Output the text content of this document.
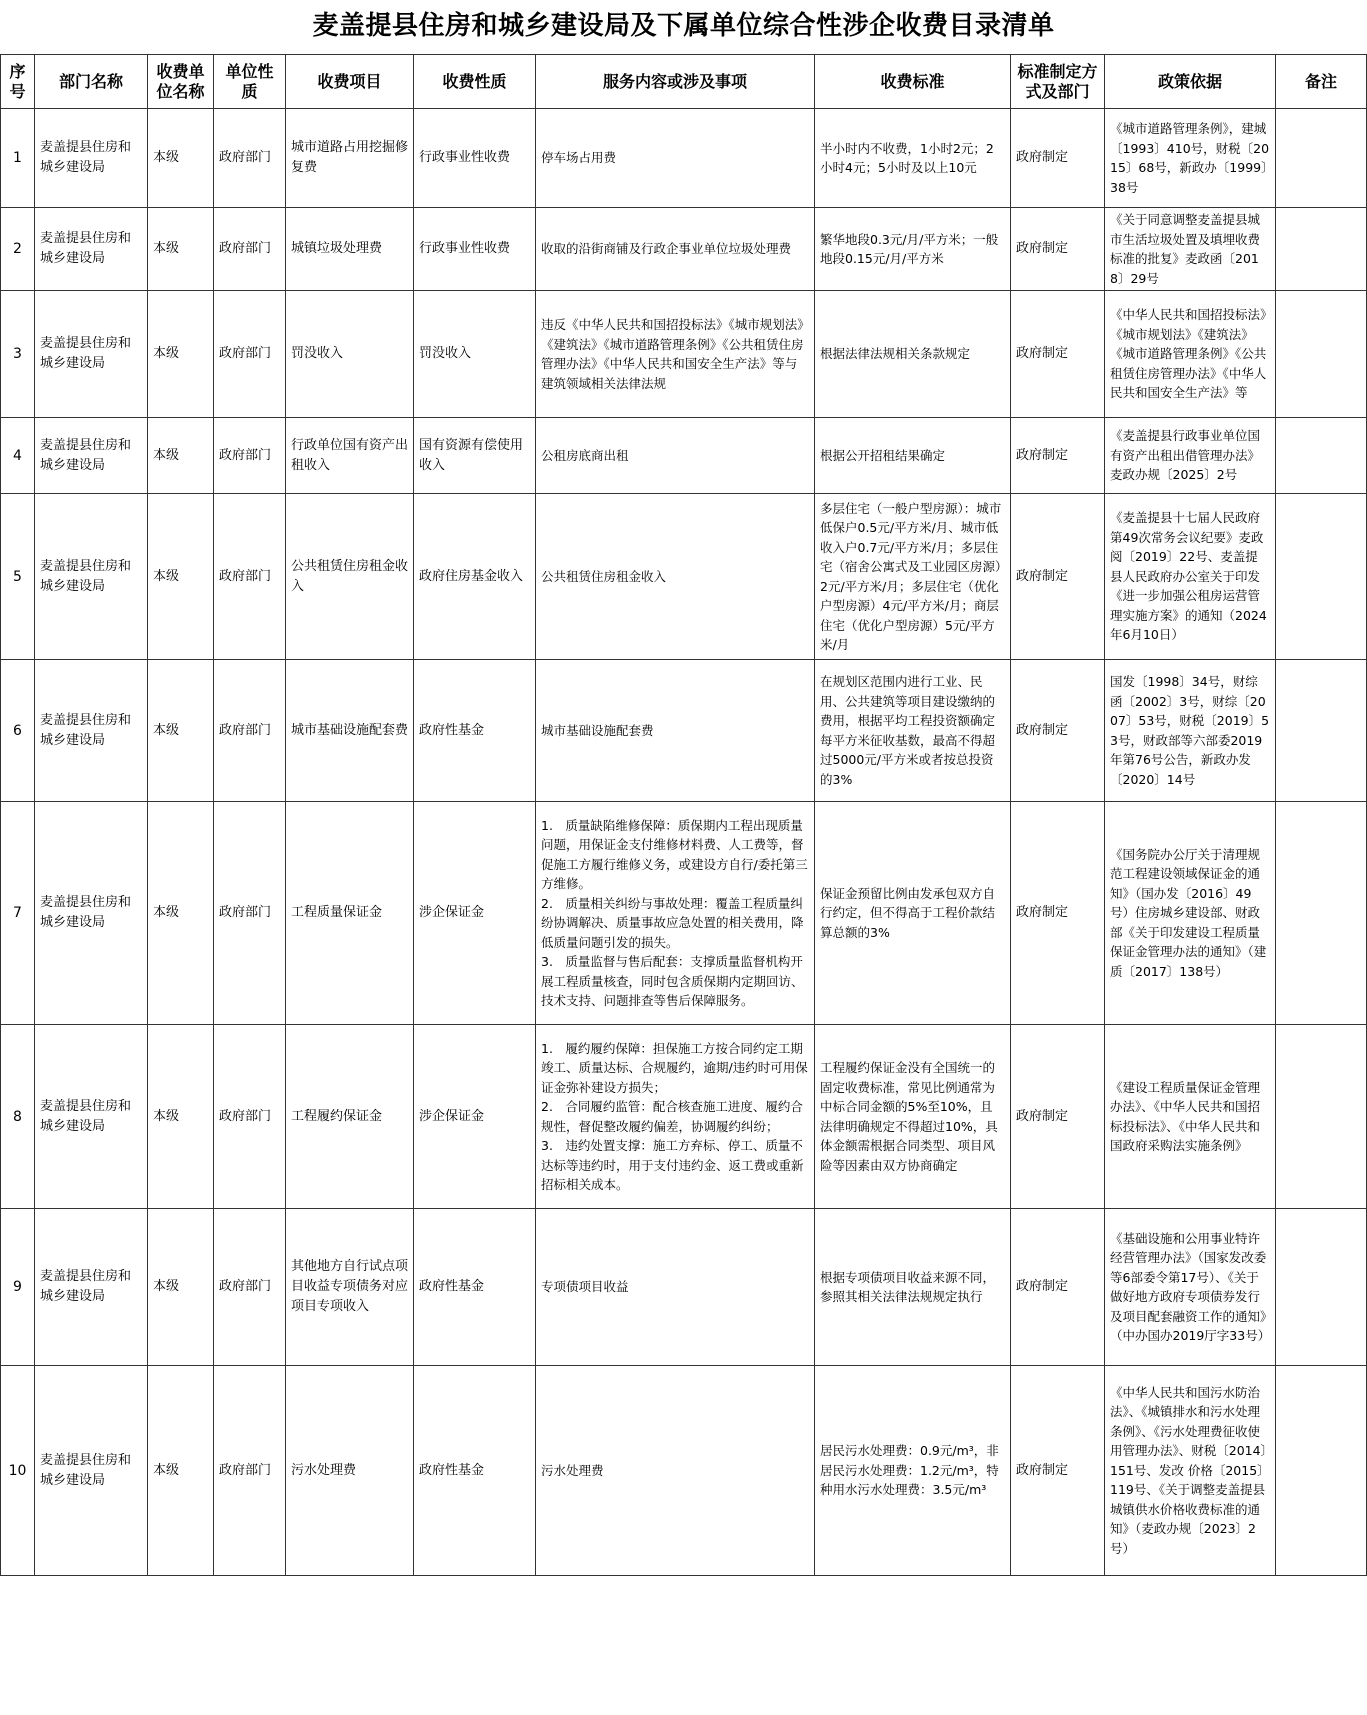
麦盖提县住房和城乡建设局及下属单位综合性涉企收费目录清单
序号	部门名称	收费单位名称	单位性质	收费项目	收费性质	服务内容或涉及事项	收费标准	标准制定方式及部门	政策依据	备注
1	麦盖提县住房和城乡建设局	本级	政府部门	城市道路占用挖掘修复费	行政事业性收费	停车场占用费	半小时内不收费，1小时2元；2小时4元；5小时及以上10元	政府制定	《城市道路管理条例》，建城〔1993〕410号，财税〔2015〕68号，新政办〔1999〕38号	
2	麦盖提县住房和城乡建设局	本级	政府部门	城镇垃圾处理费	行政事业性收费	收取的沿街商铺及行政企事业单位垃圾处理费	繁华地段0.3元/月/平方米；一般地段0.15元/月/平方米	政府制定	《关于同意调整麦盖提县城市生活垃圾处置及填埋收费标准的批复》麦政函〔2018〕29号	
3	麦盖提县住房和城乡建设局	本级	政府部门	罚没收入	罚没收入	违反《中华人民共和国招投标法》《城市规划法》《建筑法》《城市道路管理条例》《公共租赁住房管理办法》《中华人民共和国安全生产法》等与建筑领域相关法律法规	根据法律法规相关条款规定	政府制定	《中华人民共和国招投标法》《城市规划法》《建筑法》《城市道路管理条例》《公共租赁住房管理办法》《中华人民共和国安全生产法》等	
4	麦盖提县住房和城乡建设局	本级	政府部门	行政单位国有资产出租收入	国有资源有偿使用收入	公租房底商出租	根据公开招租结果确定	政府制定	《麦盖提县行政事业单位国有资产出租出借管理办法》麦政办规〔2025〕2号	
5	麦盖提县住房和城乡建设局	本级	政府部门	公共租赁住房租金收入	政府住房基金收入	公共租赁住房租金收入	多层住宅（一般户型房源）：城市低保户0.5元/平方米/月、城市低收入户0.7元/平方米/月；多层住宅（宿舍公寓式及工业园区房源）2元/平方米/月；多层住宅（优化户型房源）4元/平方米/月；商层住宅（优化户型房源）5元/平方米/月	政府制定	《麦盖提县十七届人民政府第49次常务会议纪要》麦政阅〔2019〕22号、麦盖提县人民政府办公室关于印发《进一步加强公租房运营管理实施方案》的通知（2024年6月10日）	
6	麦盖提县住房和城乡建设局	本级	政府部门	城市基础设施配套费	政府性基金	城市基础设施配套费	在规划区范围内进行工业、民用、公共建筑等项目建设缴纳的费用，根据平均工程投资额确定每平方米征收基数，最高不得超过5000元/平方米或者按总投资的3%	政府制定	国发〔1998〕34号，财综函〔2002〕3号，财综〔2007〕53号，财税〔2019〕53号，财政部等六部委2019年第76号公告，新政办发〔2020〕14号	
7	麦盖提县住房和城乡建设局	本级	政府部门	工程质量保证金	涉企保证金	1.　质量缺陷维修保障：质保期内工程出现质量问题，用保证金支付维修材料费、人工费等，督促施工方履行维修义务，或建设方自行/委托第三方维修。
2.　质量相关纠纷与事故处理：覆盖工程质量纠纷协调解决、质量事故应急处置的相关费用，降低质量问题引发的损失。
3.　质量监督与售后配套：支撑质量监督机构开展工程质量核查，同时包含质保期内定期回访、技术支持、问题排查等售后保障服务。	保证金预留比例由发承包双方自行约定，但不得高于工程价款结算总额的3%	政府制定	《国务院办公厅关于清理规范工程建设领域保证金的通知》（国办发〔2016〕49号）住房城乡建设部、财政部《关于印发建设工程质量保证金管理办法的通知》（建质〔2017〕138号）	
8	麦盖提县住房和城乡建设局	本级	政府部门	工程履约保证金	涉企保证金	1.　履约履约保障：担保施工方按合同约定工期竣工、质量达标、合规履约，逾期/违约时可用保证金弥补建设方损失；
2.　合同履约监管：配合核查施工进度、履约合规性，督促整改履约偏差，协调履约纠纷；
3.　违约处置支撑：施工方弃标、停工、质量不达标等违约时，用于支付违约金、返工费或重新招标相关成本。	工程履约保证金没有全国统一的固定收费标准，常见比例通常为中标合同金额的5%至10%，且法律明确规定不得超过10%，具体金额需根据合同类型、项目风险等因素由双方协商确定	政府制定	《建设工程质量保证金管理办法》、《中华人民共和国招标投标法》、《中华人民共和国政府采购法实施条例》	
9	麦盖提县住房和城乡建设局	本级	政府部门	其他地方自行试点项目收益专项债务对应项目专项收入	政府性基金	专项债项目收益	根据专项债项目收益来源不同，参照其相关法律法规规定执行	政府制定	《基础设施和公用事业特许经营管理办法》（国家发改委等6部委令第17号）、《关于做好地方政府专项债券发行及项目配套融资工作的通知》（中办国办2019厅字33号）	
10	麦盖提县住房和城乡建设局	本级	政府部门	污水处理费	政府性基金	污水处理费	居民污水处理费：0.9元/m³，非居民污水处理费：1.2元/m³，特种用水污水处理费：3.5元/m³	政府制定	《中华人民共和国污水防治法》、《城镇排水和污水处理条例》、《污水处理费征收使用管理办法》、财税〔2014〕151号、发改 价格〔2015〕119号、《关于调整麦盖提县城镇供水价格收费标准的通知》（麦政办规〔2023〕2号）	
